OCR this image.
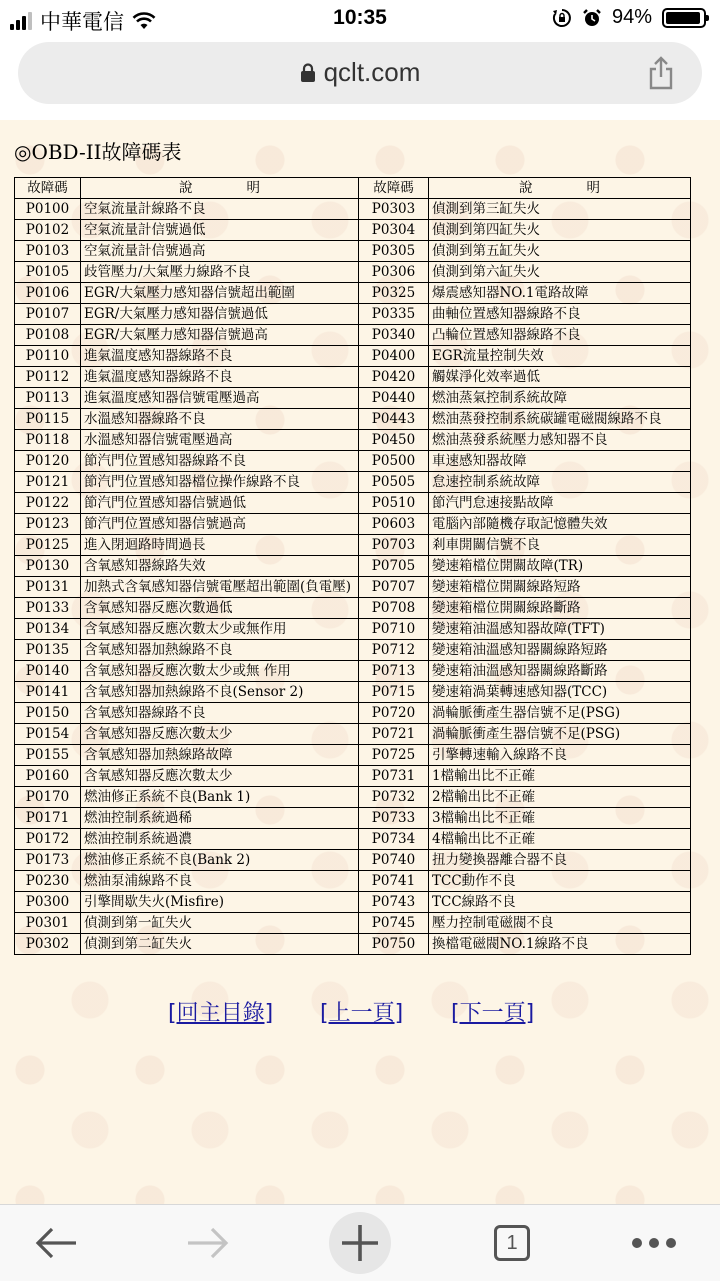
中華電信	10:35	94%
qclt.com
◎OBD-II故障碼表
故障碼	說　　　　明	故障碼	說　　　　明
P0100	空氣流量計線路不良	P0303	偵測到第三缸失火
P0102	空氣流量計信號過低	P0304	偵測到第四缸失火
P0103	空氣流量計信號過高	P0305	偵測到第五缸失火
P0105	歧管壓力/大氣壓力線路不良	P0306	偵測到第六缸失火
P0106	EGR/大氣壓力感知器信號超出範圍	P0325	爆震感知器NO.1電路故障
P0107	EGR/大氣壓力感知器信號過低	P0335	曲軸位置感知器線路不良
P0108	EGR/大氣壓力感知器信號過高	P0340	凸輪位置感知器線路不良
P0110	進氣溫度感知器線路不良	P0400	EGR流量控制失效
P0112	進氣溫度感知器線路不良	P0420	觸媒淨化效率過低
P0113	進氣溫度感知器信號電壓過高	P0440	燃油蒸氣控制系統故障
P0115	水溫感知器線路不良	P0443	燃油蒸發控制系統碳罐電磁閥線路不良
P0118	水溫感知器信號電壓過高	P0450	燃油蒸發系統壓力感知器不良
P0120	節汽門位置感知器線路不良	P0500	車速感知器故障
P0121	節汽門位置感知器檔位操作線路不良	P0505	怠速控制系統故障
P0122	節汽門位置感知器信號過低	P0510	節汽門怠速接點故障
P0123	節汽門位置感知器信號過高	P0603	電腦內部隨機存取記憶體失效
P0125	進入閉迴路時間過長	P0703	剎車開關信號不良
P0130	含氧感知器線路失效	P0705	變速箱檔位開關故障(TR)
P0131	加熱式含氧感知器信號電壓超出範圍(負電壓)	P0707	變速箱檔位開關線路短路
P0133	含氧感知器反應次數過低	P0708	變速箱檔位開關線路斷路
P0134	含氧感知器反應次數太少或無作用	P0710	變速箱油溫感知器故障(TFT)
P0135	含氧感知器加熱線路不良	P0712	變速箱油溫感知器關線路短路
P0140	含氧感知器反應次數太少或無 作用	P0713	變速箱油溫感知器關線路斷路
P0141	含氧感知器加熱線路不良(Sensor 2)	P0715	變速箱渦葉轉速感知器(TCC)
P0150	含氧感知器線路不良	P0720	渦輪脈衝產生器信號不足(PSG)
P0154	含氧感知器反應次數太少	P0721	渦輪脈衝產生器信號不足(PSG)
P0155	含氧感知器加熱線路故障	P0725	引擎轉速輸入線路不良
P0160	含氧感知器反應次數太少	P0731	1檔輸出比不正確
P0170	燃油修正系統不良(Bank 1)	P0732	2檔輸出比不正確
P0171	燃油控制系統過稀	P0733	3檔輸出比不正確
P0172	燃油控制系統過濃	P0734	4檔輸出比不正確
P0173	燃油修正系統不良(Bank 2)	P0740	扭力變換器離合器不良
P0230	燃油泵浦線路不良	P0741	TCC動作不良
P0300	引擎間歇失火(Misfire)	P0743	TCC線路不良
P0301	偵測到第一缸失火	P0745	壓力控制電磁閥不良
P0302	偵測到第二缸失火	P0750	換檔電磁閥NO.1線路不良
[回主目錄] [上一頁] [下一頁]
1
